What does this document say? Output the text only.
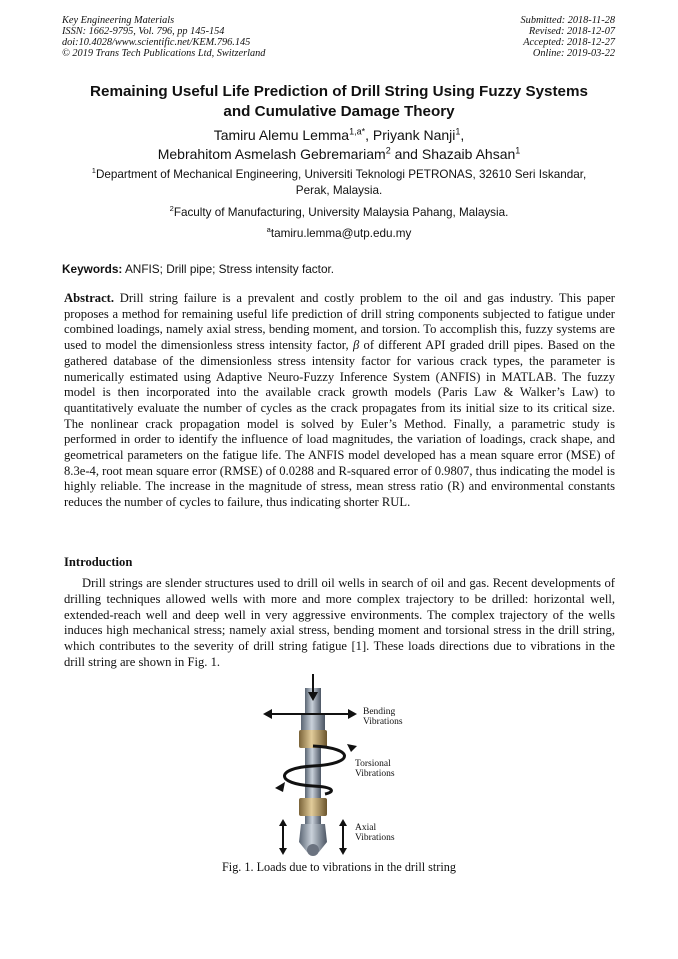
Key Engineering Materials
ISSN: 1662-9795, Vol. 796, pp 145-154
doi:10.4028/www.scientific.net/KEM.796.145
© 2019 Trans Tech Publications Ltd, Switzerland
Submitted: 2018-11-28
Revised: 2018-12-07
Accepted: 2018-12-27
Online: 2019-03-22
Remaining Useful Life Prediction of Drill String Using Fuzzy Systems
and Cumulative Damage Theory
Tamiru Alemu Lemma$^{1,a*}$, Priyank Nanji$^1$,
Mebrahitom Asmelash Gebremariam$^2$ and Shazaib Ahsan$^1$
$^1$Department of Mechanical Engineering, Universiti Teknologi PETRONAS, 32610 Seri Iskandar,
Perak, Malaysia.
$^2$Faculty of Manufacturing, University Malaysia Pahang, Malaysia.
$^a$tamiru.lemma@utp.edu.my
Keywords: ANFIS; Drill pipe; Stress intensity factor.
Abstract. Drill string failure is a prevalent and costly problem to the oil and gas industry. This paper proposes a method for remaining useful life prediction of drill string components subjected to fatigue under combined loadings, namely axial stress, bending moment, and torsion. To accomplish this, fuzzy systems are used to model the dimensionless stress intensity factor, β of different API graded drill pipes. Based on the gathered database of the dimensionless stress intensity factor for various crack types, the parameter is numerically estimated using Adaptive Neuro-Fuzzy Inference System (ANFIS) in MATLAB. The fuzzy model is then incorporated into the available crack growth models (Paris Law & Walker’s Law) to quantitatively evaluate the number of cycles as the crack propagates from its initial size to its critical size. The nonlinear crack propagation model is solved by Euler’s Method. Finally, a parametric study is performed in order to identify the influence of load magnitudes, the variation of loadings, crack shape, and geometrical parameters on the fatigue life. The ANFIS model developed has a mean square error (MSE) of 8.3e-4, root mean square error (RMSE) of 0.0288 and R-squared error of 0.9807, thus indicating the model is highly reliable. The increase in the magnitude of stress, mean stress ratio (R) and environmental constants reduces the number of cycles to failure, thus indicating shorter RUL.
Introduction
Drill strings are slender structures used to drill oil wells in search of oil and gas. Recent developments of drilling techniques allowed wells with more and more complex trajectory to be drilled: horizontal well, extended-reach well and deep well in very aggressive environments. The complex trajectory of the wells induces high mechanical stress; namely axial stress, bending moment and torsional stress in the drill string, which contributes to the severity of drill string fatigue [1]. These loads directions due to vibrations in the drill string are shown in Fig. 1.
Bending
Vibrations
Torsional
Vibrations
Axial
Vibrations
Fig. 1. Loads due to vibrations in the drill string
